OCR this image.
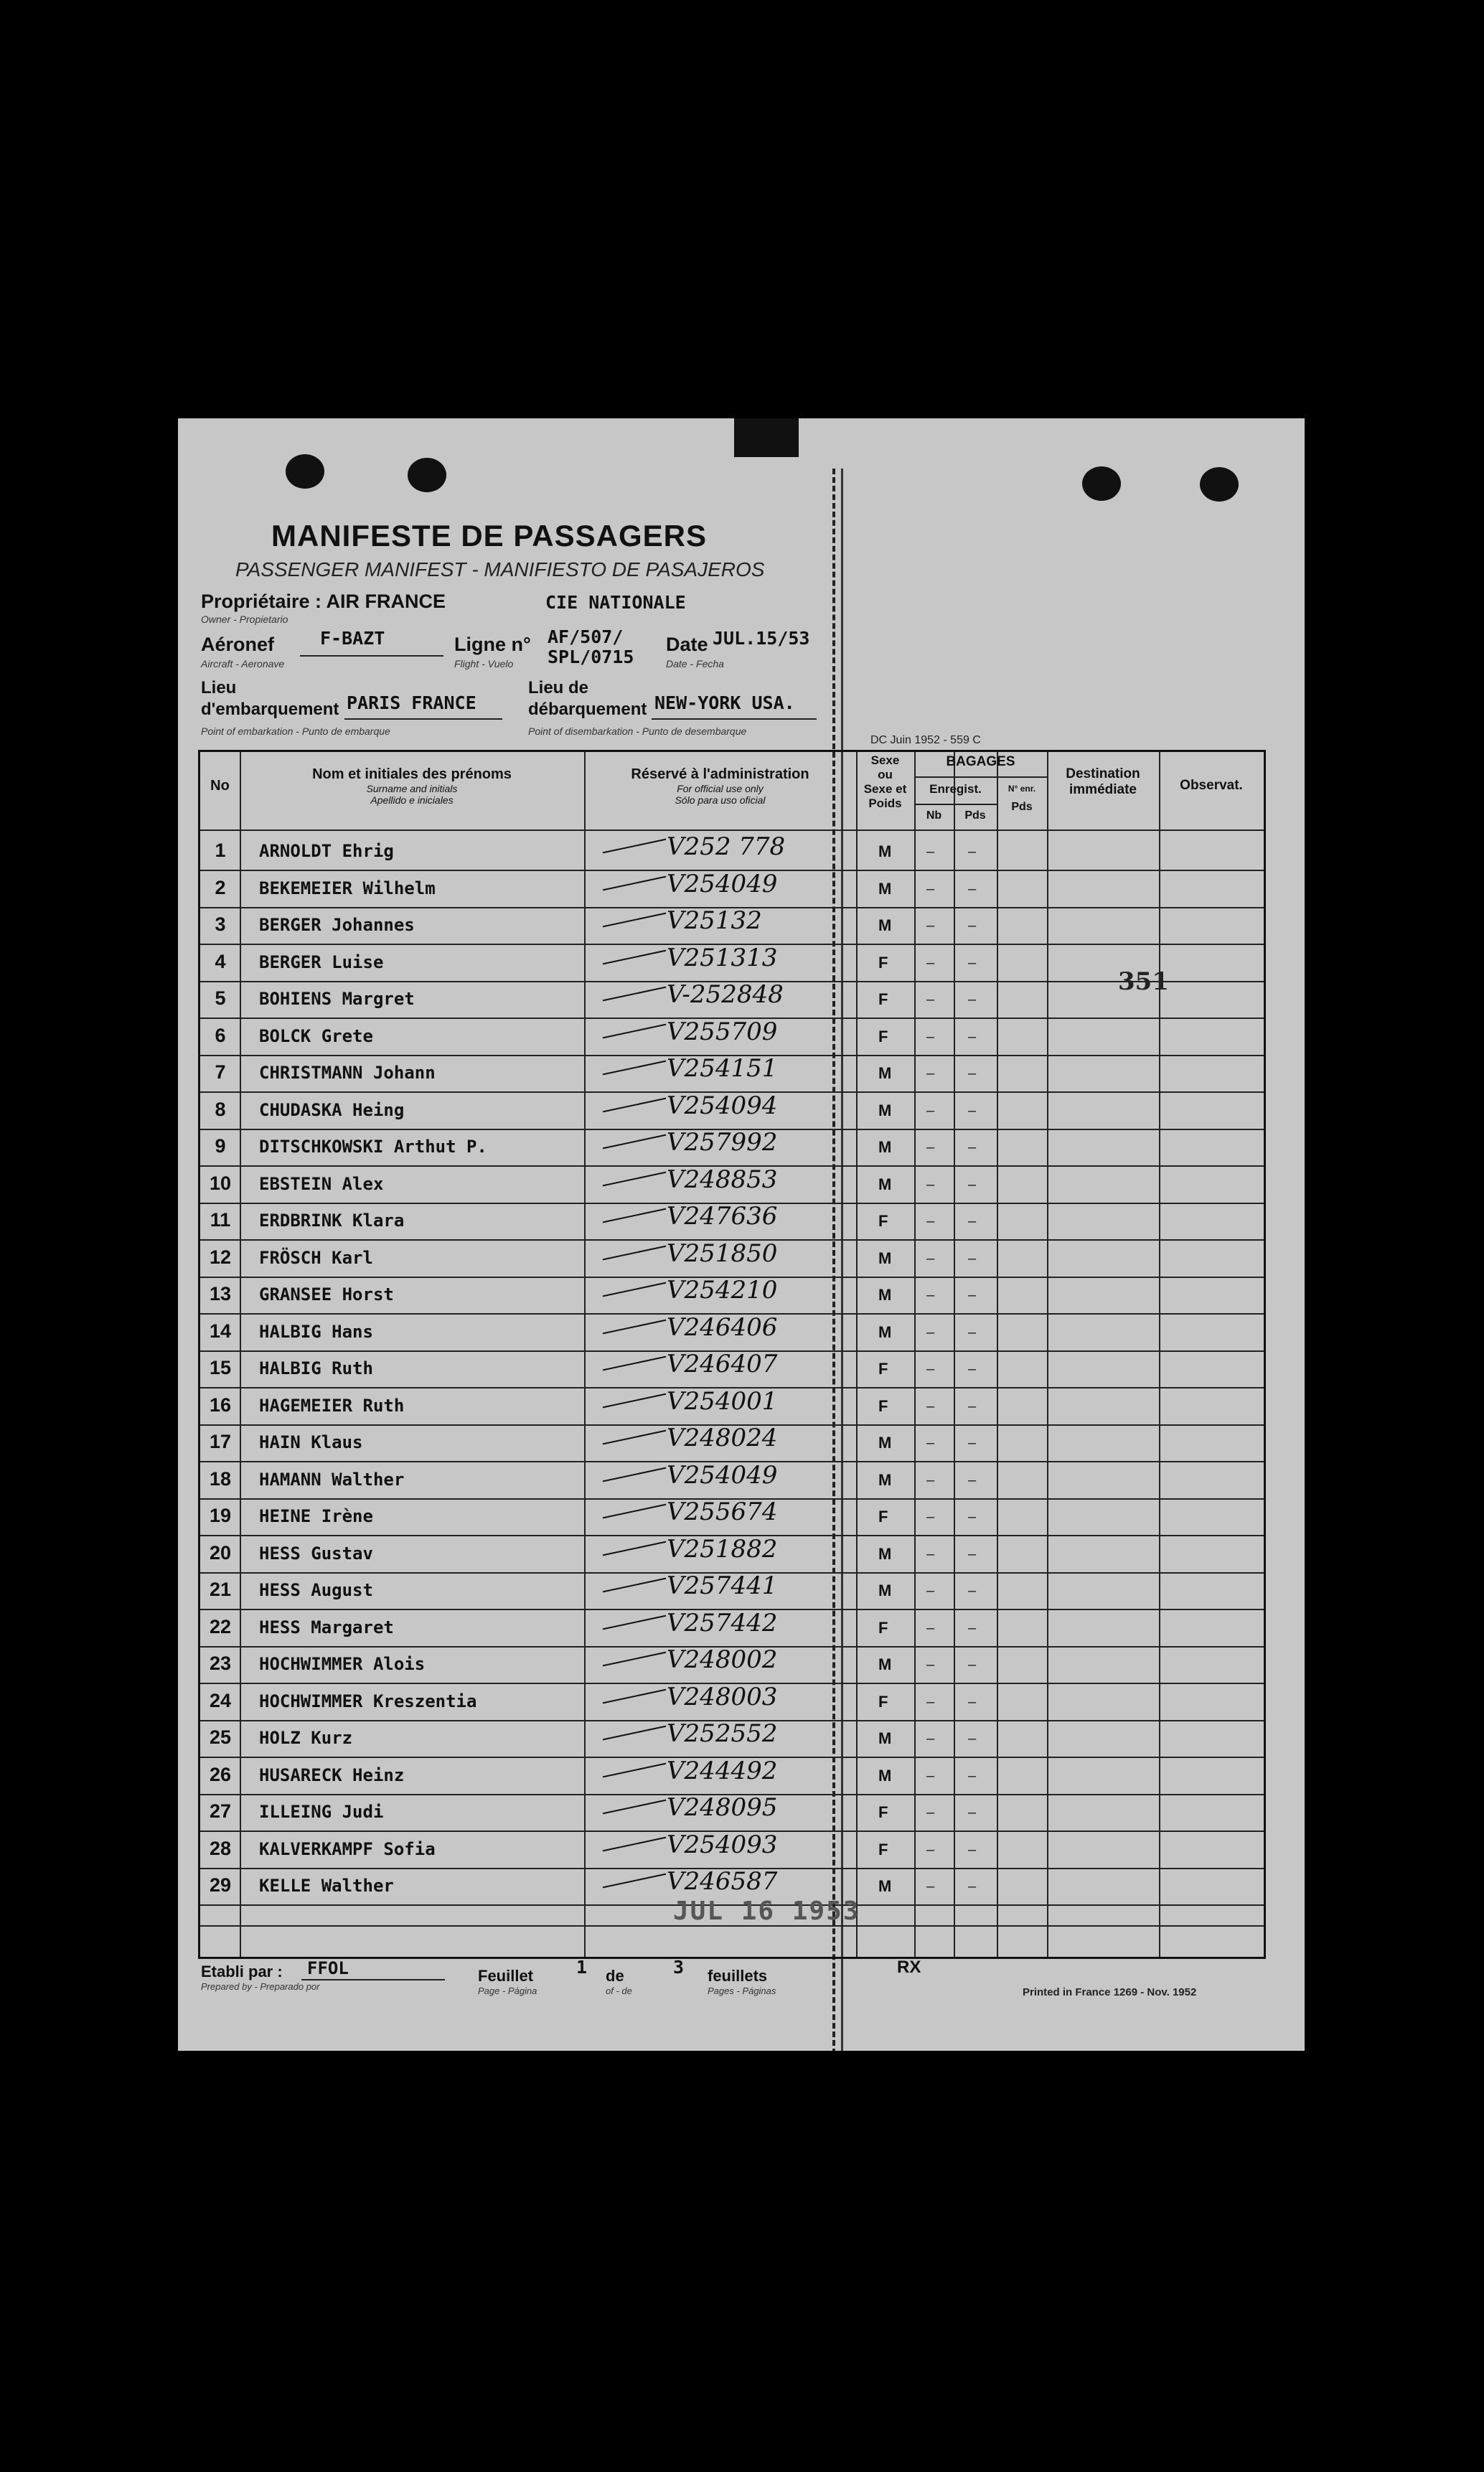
MANIFESTE DE PASSAGERS
PASSENGER MANIFEST - MANIFIESTO DE PASAJEROS
Propriétaire : AIR FRANCE
Owner - Propietario
CIE NATIONALE
Aéronef
Aircraft - Aeronave
F-BAZT	Ligne n°
Flight - Vuelo
AF/507/
SPL/0715
Date
Date - Fecha
JUL.15/53
Lieu
d'embarquement
Point of embarkation - Punto de embarque
PARIS FRANCE
Lieu de
débarquement
Point of disembarkation - Punto de desembarque
NEW-YORK USA.
DC Juin 1952 - 559 C
No
Nom et initiales des prénoms
Surname and initials
Apellido e iniciales
Réservé à l'administration
For official use only
Sólo para uso oficial
Sexe
ou
Sexe et
Poids
BAGAGES
Enregist.
Nb	Pds
N° enr.
Pds
Destination
immédiate	Observat.
1	ARNOLDT Ehrig	V252 778	M – –
2	BEKEMEIER Wilhelm	V254049	M – –
3	BERGER Johannes	V25132	M – –
4	BERGER Luise	V251313	F	– –
5	BOHIENS Margret	V-252848	F	– –
6	BOLCK Grete	V255709	F	– –
7	CHRISTMANN Johann	V254151	M – –
8	CHUDASKA Heing	V254094	M – –
9	DITSCHKOWSKI Arthut P.	V257992	M – –
10 EBSTEIN Alex	V248853	M – –
11 ERDBRINK Klara	V247636	F	– –
12 FRÖSCH Karl	V251850	M – –
13 GRANSEE Horst	V254210	M – –
14 HALBIG Hans	V246406	M – –
15 HALBIG Ruth	V246407	F	– –
16 HAGEMEIER Ruth	V254001	F	– –
17 HAIN Klaus	V248024	M – –
18 HAMANN Walther	V254049	M – –
19 HEINE Irène	V255674	F	– –
20 HESS Gustav	V251882	M – –
21 HESS August	V257441	M – –
22 HESS Margaret	V257442	F	– –
23 HOCHWIMMER Alois	V248002	M – –
24 HOCHWIMMER Kreszentia	V248003	F	– –
25 HOLZ Kurz	V252552	M – –
26 HUSARECK Heinz	V244492	M – –
27 ILLEING Judi	V248095	F	– –
28 KALVERKAMPF Sofia	V254093	F	– –
29 KELLE Walther	V246587	M – –
351
JUL 16 1953
Etabli par :
Prepared by - Preparado por
FFOL	Feuillet
Page - Página
1 de
of - de
3 feuillets
Pages - Páginas
RX
Printed in France 1269 - Nov. 1952
